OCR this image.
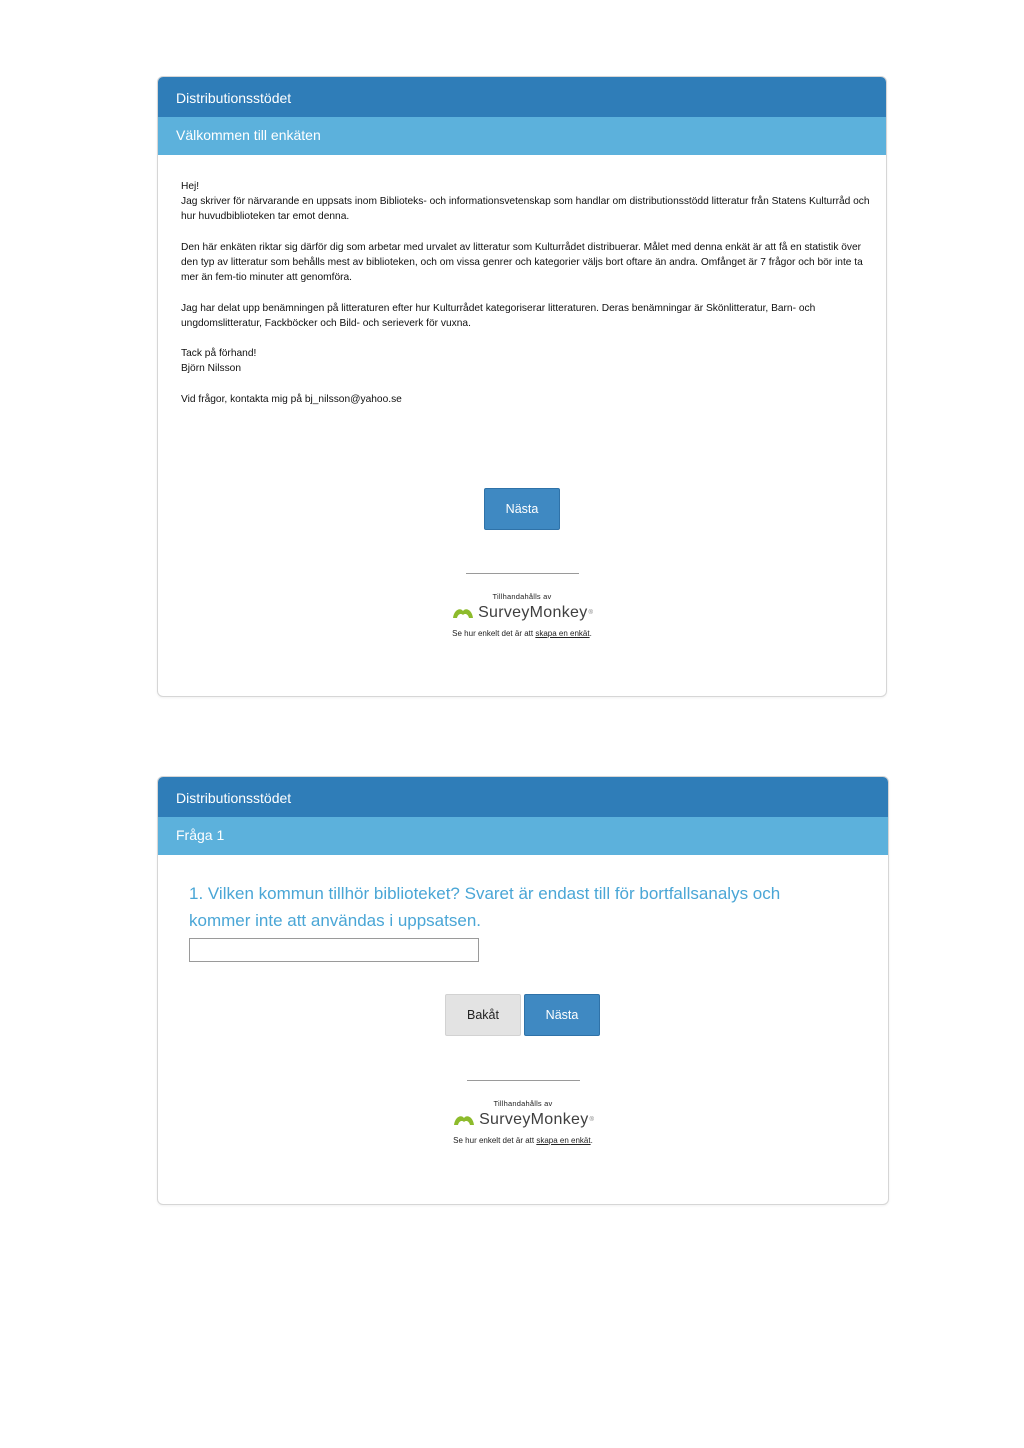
Distributionsstödet
Välkommen till enkäten

Hej!
Jag skriver för närvarande en uppsats inom Biblioteks- och informationsvetenskap som handlar om distributionsstödd litteratur från Statens Kulturråd och hur huvudbiblioteken tar emot denna.

Den här enkäten riktar sig därför dig som arbetar med urvalet av litteratur som Kulturrådet distribuerar. Målet med denna enkät är att få en statistik över den typ av litteratur som behålls mest av biblioteken, och om vissa genrer och kategorier väljs bort oftare än andra. Omfånget är 7 frågor och bör inte ta mer än fem-tio minuter att genomföra.

Jag har delat upp benämningen på litteraturen efter hur Kulturrådet kategoriserar litteraturen. Deras benämningar är Skönlitteratur, Barn- och ungdomslitteratur, Fackböcker och Bild- och serieverk för vuxna.

Tack på förhand!
Björn Nilsson

Vid frågor, kontakta mig på bj_nilsson@yahoo.se

Nästa
Tillhandahålls av
SurveyMonkey ®
Se hur enkelt det är att skapa en enkät.
Distributionsstödet
Fråga 1
1. Vilken kommun tillhör biblioteket? Svaret är endast till för bortfallsanalys och kommer inte att användas i uppsatsen.
Bakåt	Nästa
Tillhandahålls av
SurveyMonkey ®
Se hur enkelt det är att skapa en enkät.
